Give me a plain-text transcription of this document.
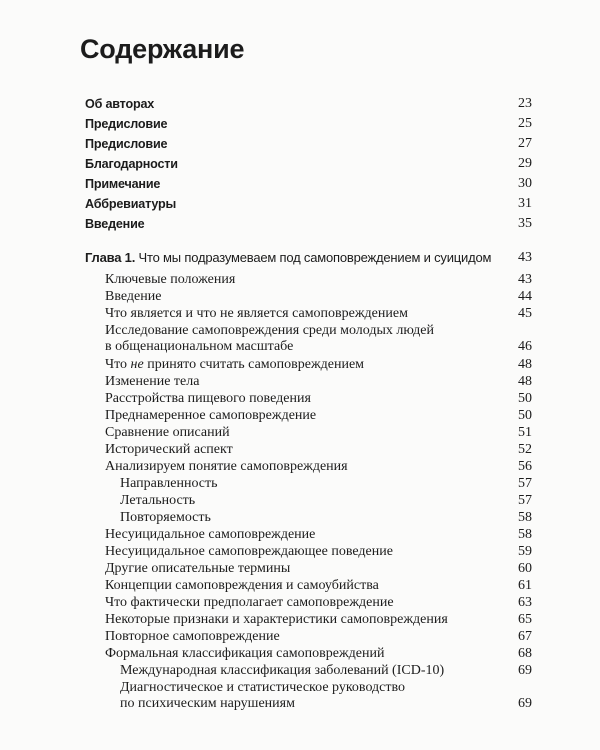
Содержание
Об авторах	23
Предисловие	25
Предисловие	27
Благодарности	29
Примечание	30
Аббревиатуры	31
Введение	35
Глава 1. Что мы подразумеваем под самоповреждением и суицидом 43
Ключевые положения	43
Введение	44
Что является и что не является самоповреждением	45
Исследование самоповреждения среди молодых людей
в общенациональном масштабе	46
Что не принято считать самоповреждением	48
Изменение тела	48
Расстройства пищевого поведения	50
Преднамеренное самоповреждение	50
Сравнение описаний	51
Исторический аспект	52
Анализируем понятие самоповреждения	56
Направленность	57
Летальность	57
Повторяемость	58
Несуицидальное самоповреждение	58
Несуицидальное самоповреждающее поведение	59
Другие описательные термины	60
Концепции самоповреждения и самоубийства	61
Что фактически предполагает самоповреждение	63
Некоторые признаки и характеристики самоповреждения	65
Повторное самоповреждение	67
Формальная классификация самоповреждений	68
Международная классификация заболеваний (ICD-10)	69
Диагностическое и статистическое руководство
по психическим нарушениям	69
